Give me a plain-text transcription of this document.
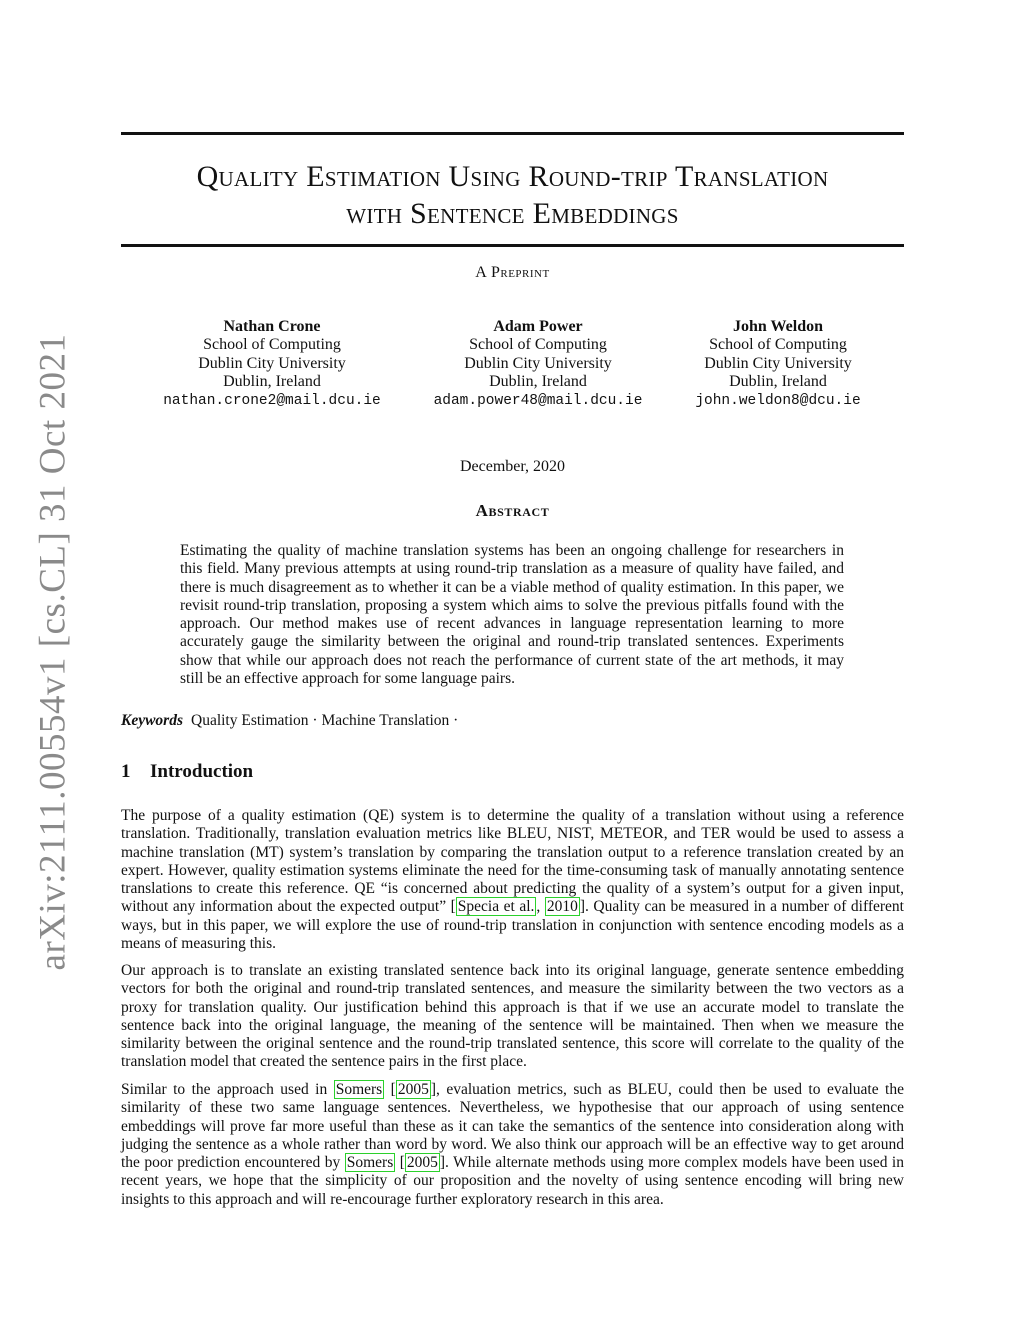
arXiv:2111.00554v1 [cs.CL] 31 Oct 2021
Quality Estimation Using Round-trip Translation
with Sentence Embeddings
A Preprint
Nathan Crone
School of Computing
Dublin City University
Dublin, Ireland
nathan.crone2@mail.dcu.ie
Adam Power
School of Computing
Dublin City University
Dublin, Ireland
adam.power48@mail.dcu.ie
John Weldon
School of Computing
Dublin City University
Dublin, Ireland
john.weldon8@dcu.ie
December, 2020
Abstract
Estimating the quality of machine translation systems has been an ongoing challenge for researchers in this field. Many previous attempts at using round-trip translation as a measure of quality have failed, and there is much disagreement as to whether it can be a viable method of quality estimation. In this paper, we revisit round-trip translation, proposing a system which aims to solve the previous pitfalls found with the approach. Our method makes use of recent advances in language representation learning to more accurately gauge the similarity between the original and round-trip translated sentences. Experiments show that while our approach does not reach the performance of current state of the art methods, it may still be an effective approach for some language pairs.
Keywords Quality Estimation · Machine Translation ·
1 Introduction
The purpose of a quality estimation (QE) system is to determine the quality of a translation without using a reference translation. Traditionally, translation evaluation metrics like BLEU, NIST, METEOR, and TER would be used to assess a machine translation (MT) system’s translation by comparing the translation output to a reference translation created by an expert. However, quality estimation systems eliminate the need for the time-consuming task of manually annotating sentence translations to create this reference. QE “is concerned about predicting the quality of a system’s output for a given input, without any information about the expected output” [ Specia et al. , 2010 ]. Quality can be measured in a number of different ways, but in this paper, we will explore the use of round-trip translation in conjunction with sentence encoding models as a means of measuring this.
Our approach is to translate an existing translated sentence back into its original language, generate sentence embedding vectors for both the original and round-trip translated sentences, and measure the similarity between the two vectors as a proxy for translation quality. Our justification behind this approach is that if we use an accurate model to translate the sentence back into the original language, the meaning of the sentence will be maintained. Then when we measure the similarity between the original sentence and the round-trip translated sentence, this score will correlate to the quality of the translation model that created the sentence pairs in the first place.
Similar to the approach used in Somers [ 2005 ], evaluation metrics, such as BLEU, could then be used to evaluate the similarity of these two same language sentences. Nevertheless, we hypothesise that our approach of using sentence embeddings will prove far more useful than these as it can take the semantics of the sentence into consideration along with judging the sentence as a whole rather than word by word. We also think our approach will be an effective way to get around the poor prediction encountered by Somers [ 2005 ]. While alternate methods using more complex models have been used in recent years, we hope that the simplicity of our proposition and the novelty of using sentence encoding will bring new insights to this approach and will re-encourage further exploratory research in this area.
